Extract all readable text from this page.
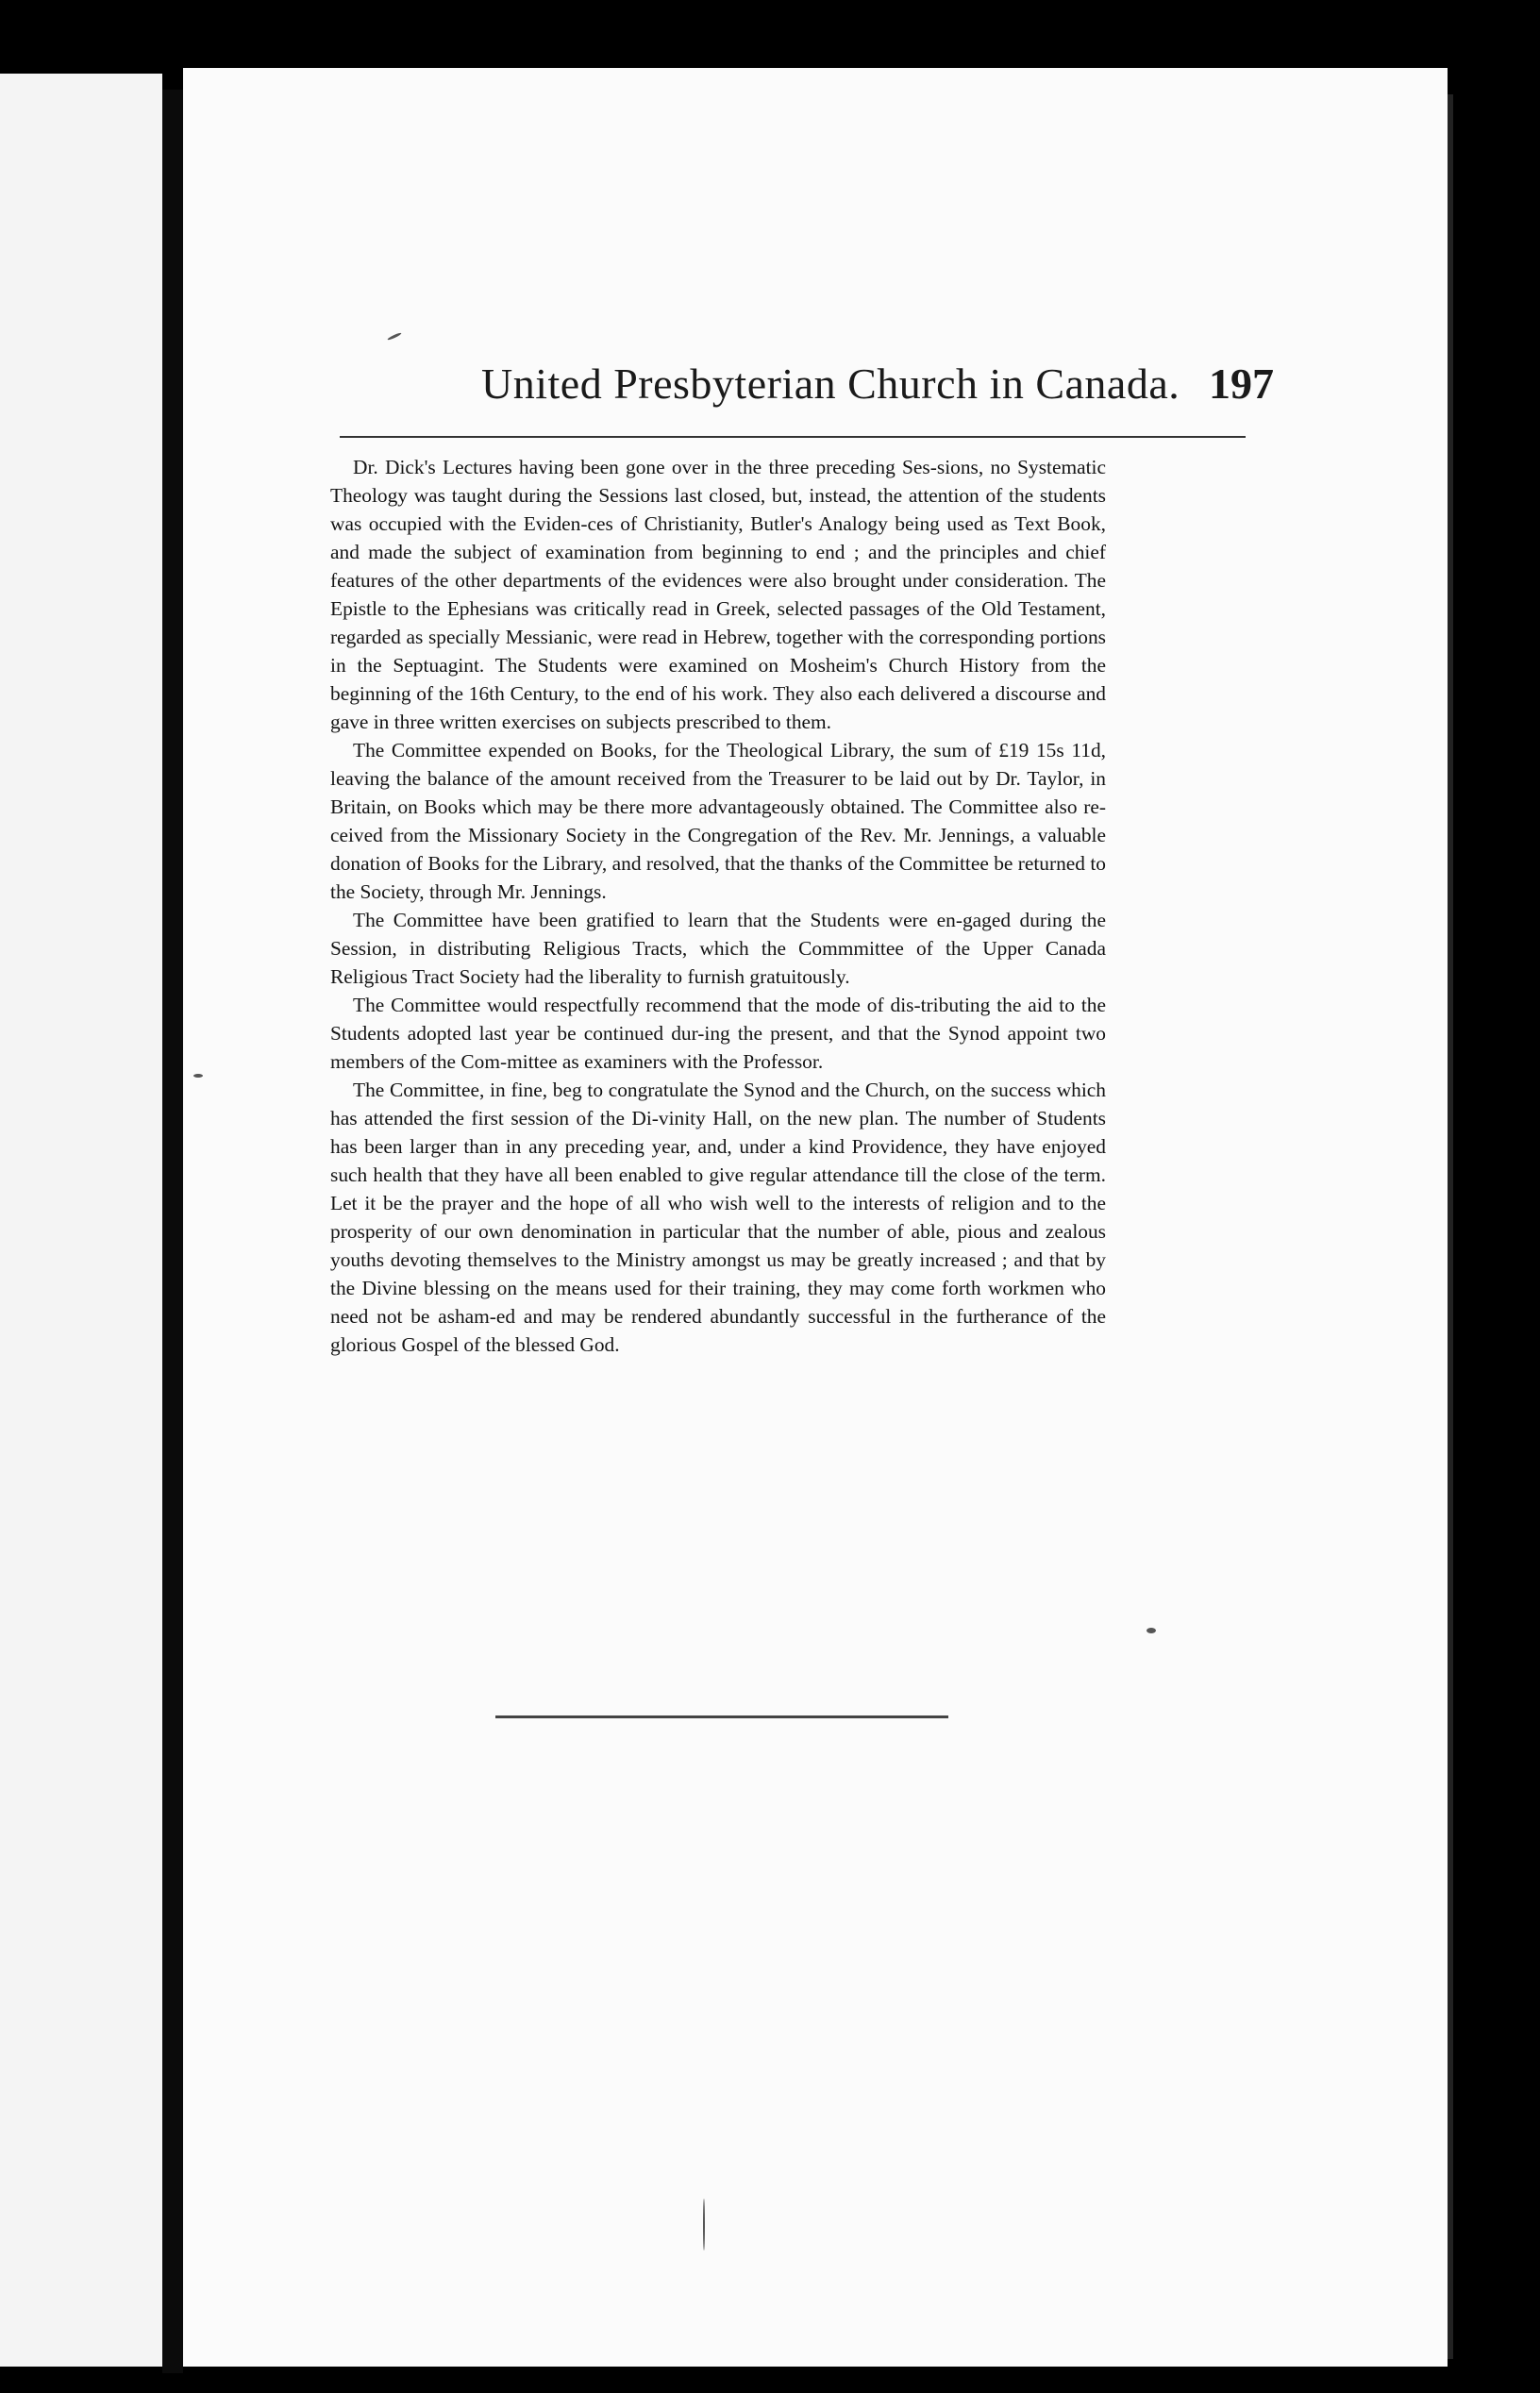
United Presbyterian Church in Canada. 197

Dr. Dick's Lectures having been gone over in the three preceding Ses-sions, no Systematic Theology was taught during the Sessions last closed, but, instead, the attention of the students was occupied with the Eviden-ces of Christianity, Butler's Analogy being used as Text Book, and made the subject of examination from beginning to end ; and the principles and chief features of the other departments of the evidences were also brought under consideration. The Epistle to the Ephesians was critically read in Greek, selected passages of the Old Testament, regarded as specially Messianic, were read in Hebrew, together with the corresponding portions in the Septuagint. The Students were examined on Mosheim's Church History from the beginning of the 16th Century, to the end of his work. They also each delivered a discourse and gave in three written exercises on subjects prescribed to them.

The Committee expended on Books, for the Theological Library, the sum of £19 15s 11d, leaving the balance of the amount received from the Treasurer to be laid out by Dr. Taylor, in Britain, on Books which may be there more advantageously obtained. The Committee also re-ceived from the Missionary Society in the Congregation of the Rev. Mr. Jennings, a valuable donation of Books for the Library, and resolved, that the thanks of the Committee be returned to the Society, through Mr. Jennings.

The Committee have been gratified to learn that the Students were en-gaged during the Session, in distributing Religious Tracts, which the Commmittee of the Upper Canada Religious Tract Society had the liberality to furnish gratuitously.

The Committee would respectfully recommend that the mode of dis-tributing the aid to the Students adopted last year be continued dur-ing the present, and that the Synod appoint two members of the Com-mittee as examiners with the Professor.

The Committee, in fine, beg to congratulate the Synod and the Church, on the success which has attended the first session of the Di-vinity Hall, on the new plan. The number of Students has been larger than in any preceding year, and, under a kind Providence, they have enjoyed such health that they have all been enabled to give regular attendance till the close of the term. Let it be the prayer and the hope of all who wish well to the interests of religion and to the prosperity of our own denomination in particular that the number of able, pious and zealous youths devoting themselves to the Ministry amongst us may be greatly increased ; and that by the Divine blessing on the means used for their training, they may come forth workmen who need not be asham-ed and may be rendered abundantly successful in the furtherance of the glorious Gospel of the blessed God.
